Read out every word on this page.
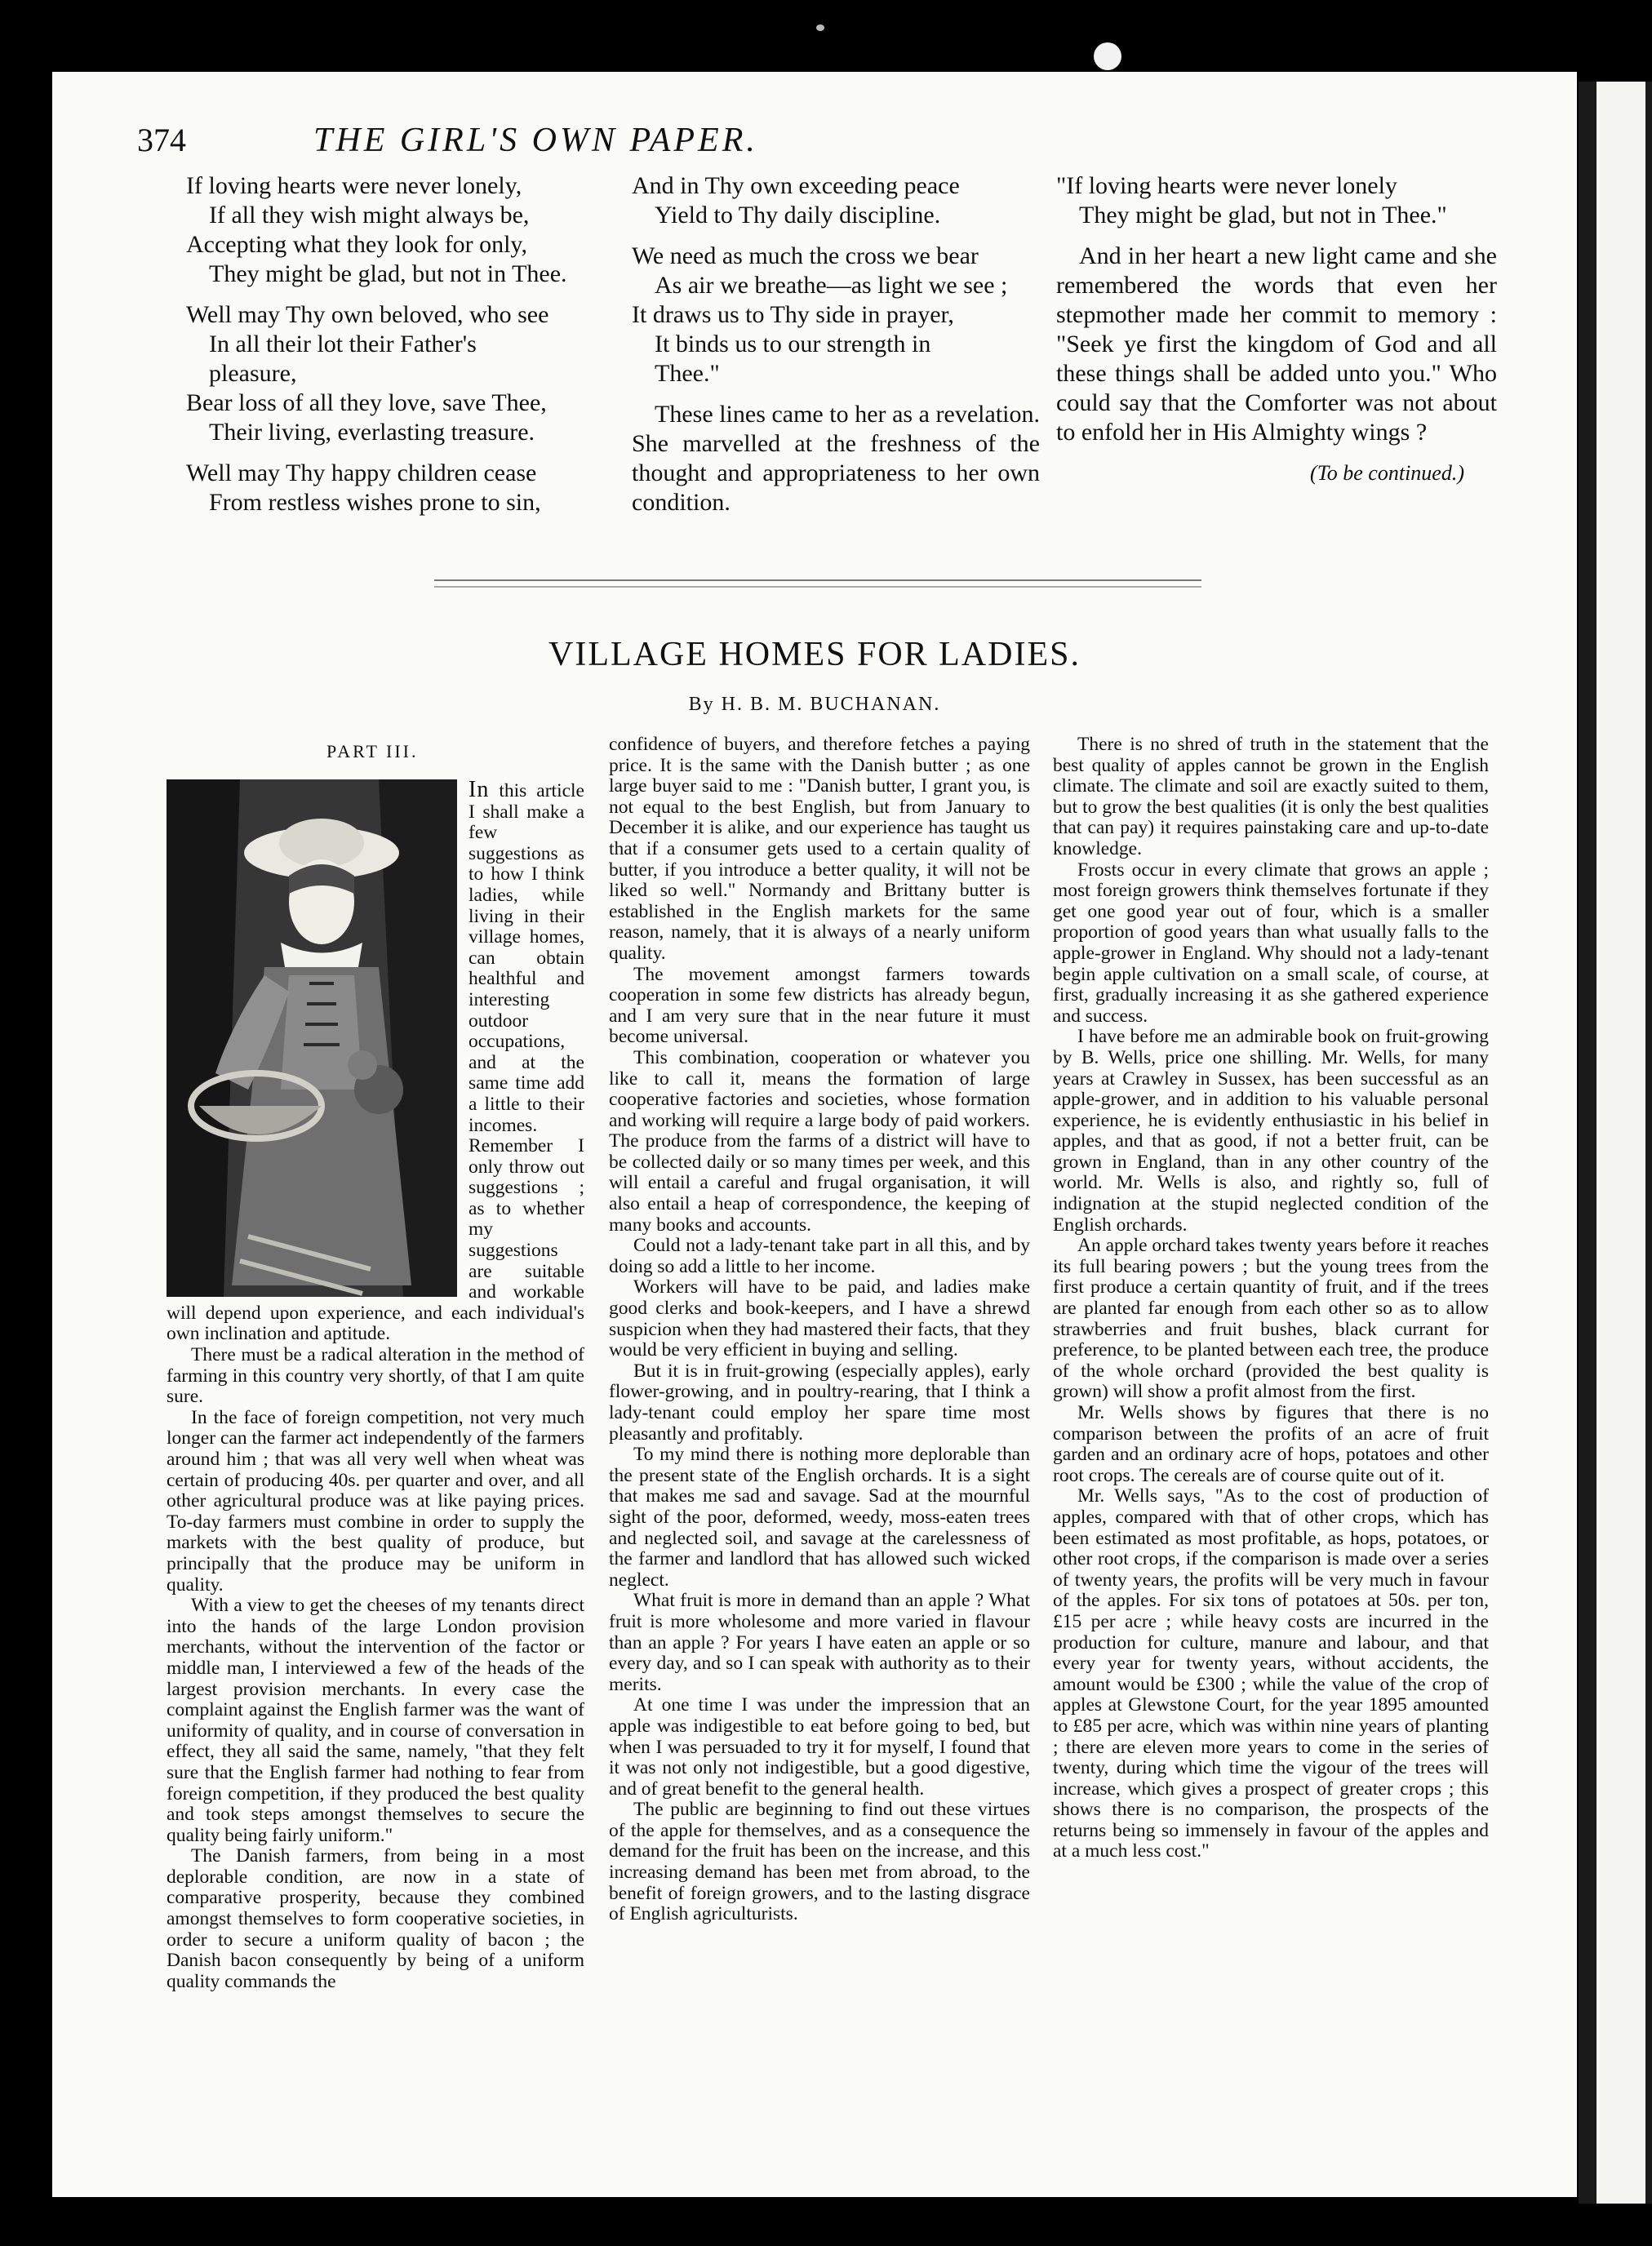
374	THE GIRL'S OWN PAPER.
If loving hearts were never lonely,
If all they wish might always be,
Accepting what they look for only,
They might be glad, but not in Thee.
Well may Thy own beloved, who see
In all their lot their Father's
pleasure,
Bear loss of all they love, save Thee,
Their living, everlasting treasure.
Well may Thy happy children cease
From restless wishes prone to sin,
And in Thy own exceeding peace
Yield to Thy daily discipline.
We need as much the cross we bear
As air we breathe—as light we see ;
It draws us to Thy side in prayer,
It binds us to our strength in
Thee."
These lines came to her as a revelation. She marvelled at the freshness of the thought and appropriateness to her own condition.
"If loving hearts were never lonely
They might be glad, but not in Thee."
And in her heart a new light came and she remembered the words that even her stepmother made her commit to memory : "Seek ye first the kingdom of God and all these things shall be added unto you." Who could say that the Comforter was not about to enfold her in His Almighty wings ?
(To be continued.)
VILLAGE HOMES FOR LADIES.
By H. B. M. BUCHANAN.
PART III.

In this article I shall make a few suggestions as to how I think ladies, while living in their village homes, can obtain healthful and interesting outdoor occupations, and at the same time add a little to their incomes. Remember I only throw out suggestions ; as to whether my suggestions are suitable and workable will depend upon experience, and each individual's own inclination and aptitude.

There must be a radical alteration in the method of farming in this country very shortly, of that I am quite sure.

In the face of foreign competition, not very much longer can the farmer act independently of the farmers around him ; that was all very well when wheat was certain of producing 40s. per quarter and over, and all other agricultural produce was at like paying prices. To-day farmers must combine in order to supply the markets with the best quality of produce, but principally that the produce may be uniform in quality.

With a view to get the cheeses of my tenants direct into the hands of the large London provision merchants, without the intervention of the factor or middle man, I interviewed a few of the heads of the largest provision merchants. In every case the complaint against the English farmer was the want of uniformity of quality, and in course of conversation in effect, they all said the same, namely, "that they felt sure that the English farmer had nothing to fear from foreign competition, if they produced the best quality and took steps amongst themselves to secure the quality being fairly uniform."

The Danish farmers, from being in a most deplorable condition, are now in a state of comparative prosperity, because they combined amongst themselves to form cooperative societies, in order to secure a uniform quality of bacon ; the Danish bacon consequently by being of a uniform quality commands the

confidence of buyers, and therefore fetches a paying price. It is the same with the Danish butter ; as one large buyer said to me : "Danish butter, I grant you, is not equal to the best English, but from January to December it is alike, and our experience has taught us that if a consumer gets used to a certain quality of butter, if you introduce a better quality, it will not be liked so well." Normandy and Brittany butter is established in the English markets for the same reason, namely, that it is always of a nearly uniform quality.

The movement amongst farmers towards cooperation in some few districts has already begun, and I am very sure that in the near future it must become universal.

This combination, cooperation or whatever you like to call it, means the formation of large cooperative factories and societies, whose formation and working will require a large body of paid workers. The produce from the farms of a district will have to be collected daily or so many times per week, and this will entail a careful and frugal organisation, it will also entail a heap of correspondence, the keeping of many books and accounts.

Could not a lady-tenant take part in all this, and by doing so add a little to her income.

Workers will have to be paid, and ladies make good clerks and book-keepers, and I have a shrewd suspicion when they had mastered their facts, that they would be very efficient in buying and selling.

But it is in fruit-growing (especially apples), early flower-growing, and in poultry-rearing, that I think a lady-tenant could employ her spare time most pleasantly and profitably.

To my mind there is nothing more deplorable than the present state of the English orchards. It is a sight that makes me sad and savage. Sad at the mournful sight of the poor, deformed, weedy, moss-eaten trees and neglected soil, and savage at the carelessness of the farmer and landlord that has allowed such wicked neglect.

What fruit is more in demand than an apple ? What fruit is more wholesome and more varied in flavour than an apple ? For years I have eaten an apple or so every day, and so I can speak with authority as to their merits.

At one time I was under the impression that an apple was indigestible to eat before going to bed, but when I was persuaded to try it for myself, I found that it was not only not indigestible, but a good digestive, and of great benefit to the general health.

The public are beginning to find out these virtues of the apple for themselves, and as a consequence the demand for the fruit has been on the increase, and this increasing demand has been met from abroad, to the benefit of foreign growers, and to the lasting disgrace of English agriculturists.

There is no shred of truth in the statement that the best quality of apples cannot be grown in the English climate. The climate and soil are exactly suited to them, but to grow the best qualities (it is only the best qualities that can pay) it requires painstaking care and up-to-date knowledge.

Frosts occur in every climate that grows an apple ; most foreign growers think themselves fortunate if they get one good year out of four, which is a smaller proportion of good years than what usually falls to the apple-grower in England. Why should not a lady-tenant begin apple cultivation on a small scale, of course, at first, gradually increasing it as she gathered experience and success.

I have before me an admirable book on fruit-growing by B. Wells, price one shilling. Mr. Wells, for many years at Crawley in Sussex, has been successful as an apple-grower, and in addition to his valuable personal experience, he is evidently enthusiastic in his belief in apples, and that as good, if not a better fruit, can be grown in England, than in any other country of the world. Mr. Wells is also, and rightly so, full of indignation at the stupid neglected condition of the English orchards.

An apple orchard takes twenty years before it reaches its full bearing powers ; but the young trees from the first produce a certain quantity of fruit, and if the trees are planted far enough from each other so as to allow strawberries and fruit bushes, black currant for preference, to be planted between each tree, the produce of the whole orchard (provided the best quality is grown) will show a profit almost from the first.

Mr. Wells shows by figures that there is no comparison between the profits of an acre of fruit garden and an ordinary acre of hops, potatoes and other root crops. The cereals are of course quite out of it.

Mr. Wells says, "As to the cost of production of apples, compared with that of other crops, which has been estimated as most profitable, as hops, potatoes, or other root crops, if the comparison is made over a series of twenty years, the profits will be very much in favour of the apples. For six tons of potatoes at 50s. per ton, £15 per acre ; while heavy costs are incurred in the production for culture, manure and labour, and that every year for twenty years, without accidents, the amount would be £300 ; while the value of the crop of apples at Glewstone Court, for the year 1895 amounted to £85 per acre, which was within nine years of planting ; there are eleven more years to come in the series of twenty, during which time the vigour of the trees will increase, which gives a prospect of greater crops ; this shows there is no comparison, the prospects of the returns being so immensely in favour of the apples and at a much less cost."
